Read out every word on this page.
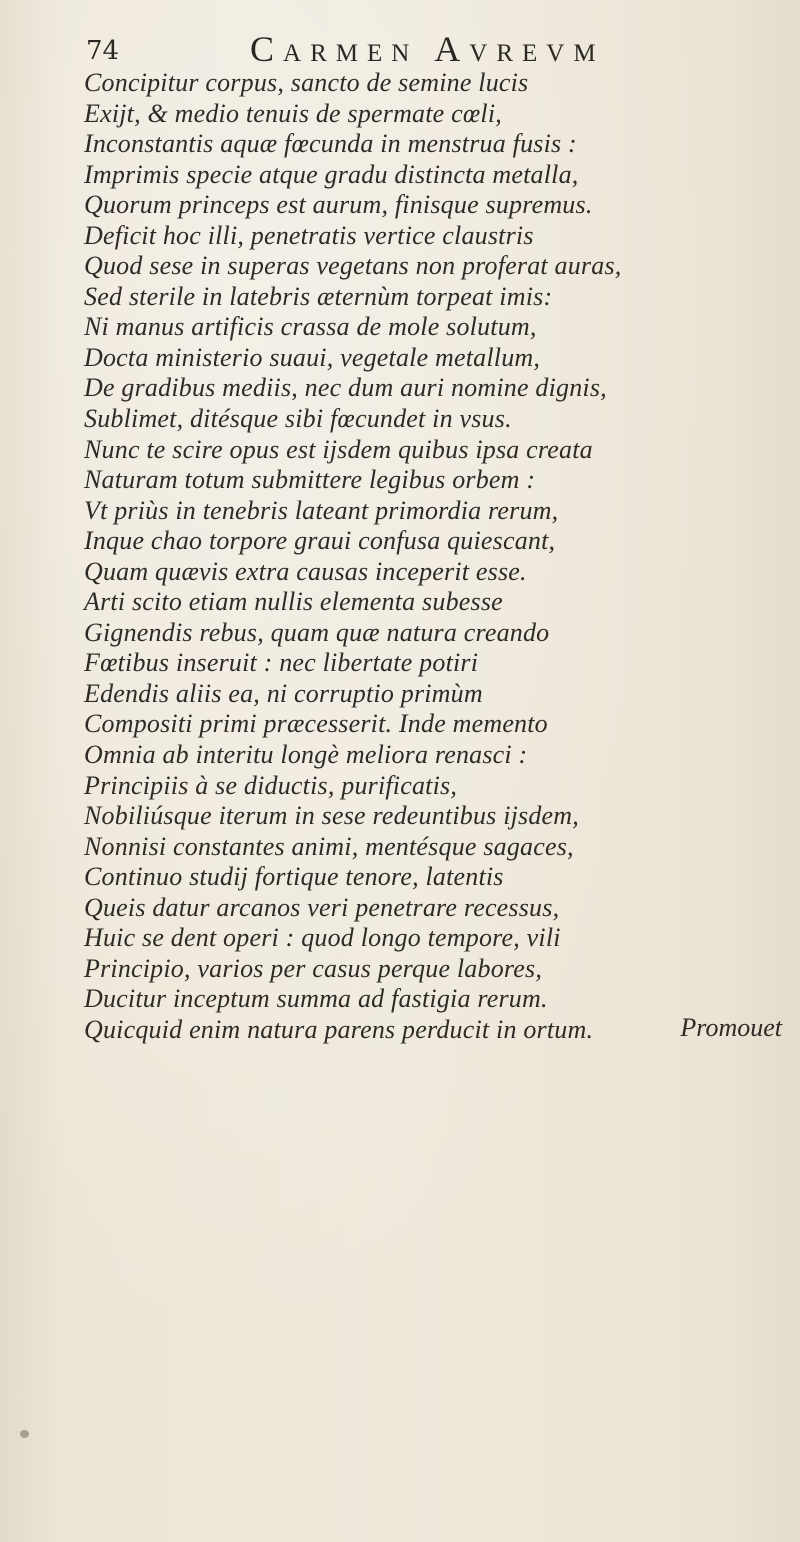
74	Carmen Avrevm
Concipitur corpus, sanctо de semine lucis
Exijt, & medio tenuis de spermate cœli,
Inconstantis aquæ fœcunda in menstrua fusis :
Imprimis specie atque gradu distincta metalla,
Quorum princeps est aurum, finisque supremus.
Deficit hoc illi, penetratis vertice claustris
Quod sese in superas vegetans non proferat auras,
Sed sterile in latebris æternùm torpeat imis:
Ni manus artificis crassa de mole solutum,
Docta ministerio suaui, vegetale metallum,
De gradibus mediis, nec dum auri nomine dignis,
Sublimet, ditésque sibi fœcundet in vsus.
Nunc te scire opus est ijsdem quibus ipsa creata
Naturam totum submittere legibus orbem :
Vt priùs in tenebris lateant primordia rerum,
Inque chao torpore graui confusa quiescant,
Quam quævis extra causas inceperit esse.
Arti scito etiam nullis elementa subesse
Gignendis rebus, quam quæ natura creando
Fœtibus inseruit : nec libertate potiri
Edendis aliis ea, ni corruptio primùm
Compositi primi præcesserit. Inde memento
Omnia ab interitu longè meliora renasci :
Principiis à se diductis, purificatis,
Nobiliúsque iterum in sese redeuntibus ijsdem,
Nonnisi constantes animi, mentésque sagaces,
Continuo studij fortique tenore, latentis
Queis datur arcanos veri penetrare recessus,
Huic se dent operi : quod longo tempore, vili
Principio, varios per casus perque labores,
Ducitur inceptum summa ad fastigia rerum.
Quicquid enim natura parens perducit in ortum.	Promouet
